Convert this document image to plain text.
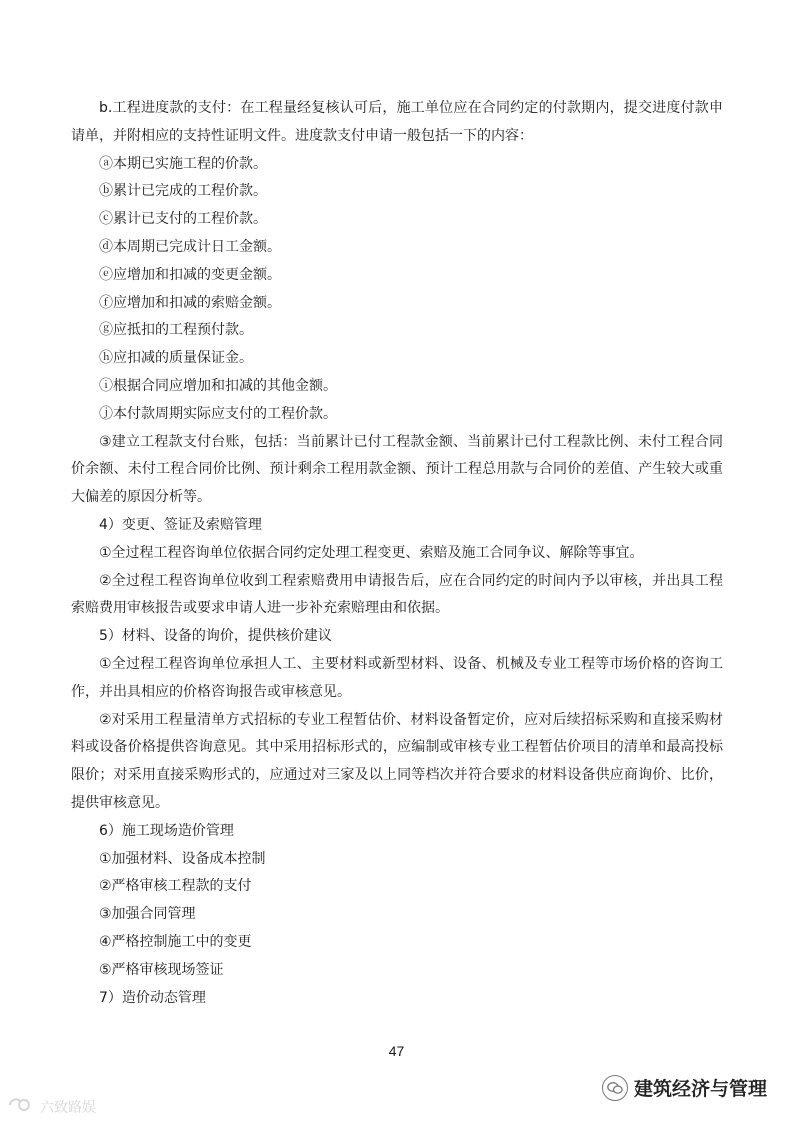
b.工程进度款的支付：在工程量经复核认可后，施工单位应在合同约定的付款期内，提交进度付款申请单，并附相应的支持性证明文件。进度款支付申请一般包括一下的内容：

ⓐ本期已实施工程的价款。

ⓑ累计已完成的工程价款。

ⓒ累计已支付的工程价款。

ⓓ本周期已完成计日工金额。

ⓔ应增加和扣减的变更金额。

ⓕ应增加和扣减的索赔金额。

ⓖ应抵扣的工程预付款。

ⓗ应扣减的质量保证金。

ⓘ根据合同应增加和扣减的其他金额。

ⓙ本付款周期实际应支付的工程价款。

③建立工程款支付台账，包括：当前累计已付工程款金额、当前累计已付工程款比例、未付工程合同价余额、未付工程合同价比例、预计剩余工程用款金额、预计工程总用款与合同价的差值、产生较大或重大偏差的原因分析等。

4）变更、签证及索赔管理

①全过程工程咨询单位依据合同约定处理工程变更、索赔及施工合同争议、解除等事宜。

②全过程工程咨询单位收到工程索赔费用申请报告后，应在合同约定的时间内予以审核，并出具工程索赔费用审核报告或要求申请人进一步补充索赔理由和依据。

5）材料、设备的询价，提供核价建议

①全过程工程咨询单位承担人工、主要材料或新型材料、设备、机械及专业工程等市场价格的咨询工作，并出具相应的价格咨询报告或审核意见。

②对采用工程量清单方式招标的专业工程暂估价、材料设备暂定价，应对后续招标采购和直接采购材料或设备价格提供咨询意见。其中采用招标形式的，应编制或审核专业工程暂估价项目的清单和最高投标限价；对采用直接采购形式的，应通过对三家及以上同等档次并符合要求的材料设备供应商询价、比价，提供审核意见。

6）施工现场造价管理

①加强材料、设备成本控制

②严格审核工程款的支付

③加强合同管理

④严格控制施工中的变更

⑤严格审核现场签证

7）造价动态管理

47
建筑经济与管理
六致路娱
